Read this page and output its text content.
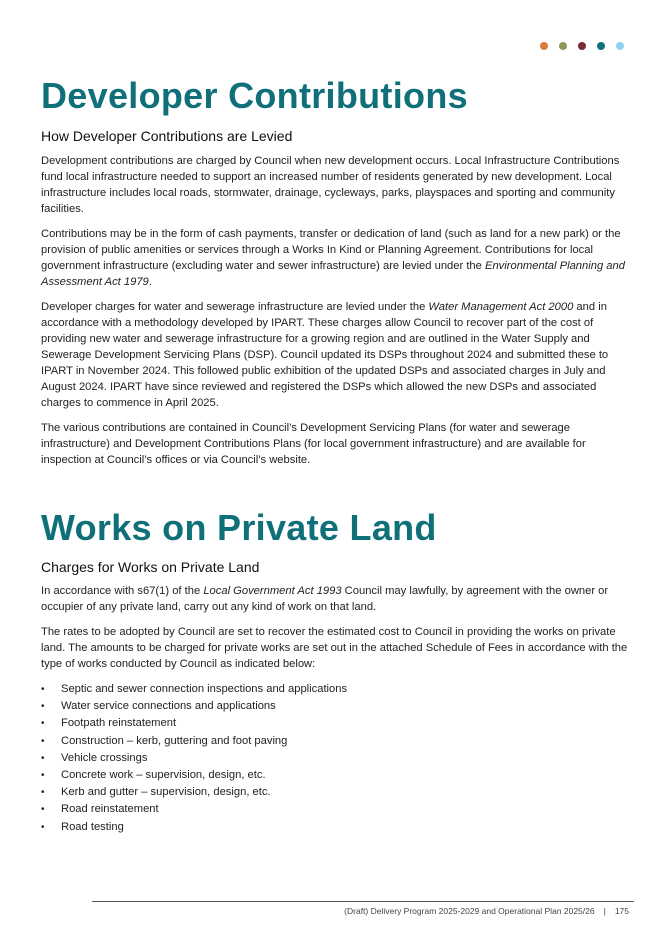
Developer Contributions
How Developer Contributions are Levied

Development contributions are charged by Council when new development occurs. Local Infrastructure Contributions fund local infrastructure needed to support an increased number of residents generated by new development. Local infrastructure includes local roads, stormwater, drainage, cycleways, parks, playspaces and sporting and community facilities.

Contributions may be in the form of cash payments, transfer or dedication of land (such as land for a new park) or the provision of public amenities or services through a Works In Kind or Planning Agreement. Contributions for local government infrastructure (excluding water and sewer infrastructure) are levied under the Environmental Planning and Assessment Act 1979.

Developer charges for water and sewerage infrastructure are levied under the Water Management Act 2000 and in accordance with a methodology developed by IPART. These charges allow Council to recover part of the cost of providing new water and sewerage infrastructure for a growing region and are outlined in the Water Supply and Sewerage Development Servicing Plans (DSP). Council updated its DSPs throughout 2024 and submitted these to IPART in November 2024. This followed public exhibition of the updated DSPs and associated charges in July and August 2024. IPART have since reviewed and registered the DSPs which allowed the new DSPs and associated charges to commence in April 2025.

The various contributions are contained in Council’s Development Servicing Plans (for water and sewerage infrastructure) and Development Contributions Plans (for local government infrastructure) and are available for inspection at Council’s offices or via Council’s website.

Works on Private Land
Charges for Works on Private Land

In accordance with s67(1) of the Local Government Act 1993 Council may lawfully, by agreement with the owner or occupier of any private land, carry out any kind of work on that land.

The rates to be adopted by Council are set to recover the estimated cost to Council in providing the works on private land. The amounts to be charged for private works are set out in the attached Schedule of Fees in accordance with the type of works conducted by Council as indicated below:

• Septic and sewer connection inspections and applications
• Water service connections and applications
• Footpath reinstatement
• Construction – kerb, guttering and foot paving
• Vehicle crossings
• Concrete work – supervision, design, etc.
• Kerb and gutter – supervision, design, etc.
• Road reinstatement
• Road testing
(Draft) Delivery Program 2025-2029 and Operational Plan 2025/26 | 175
